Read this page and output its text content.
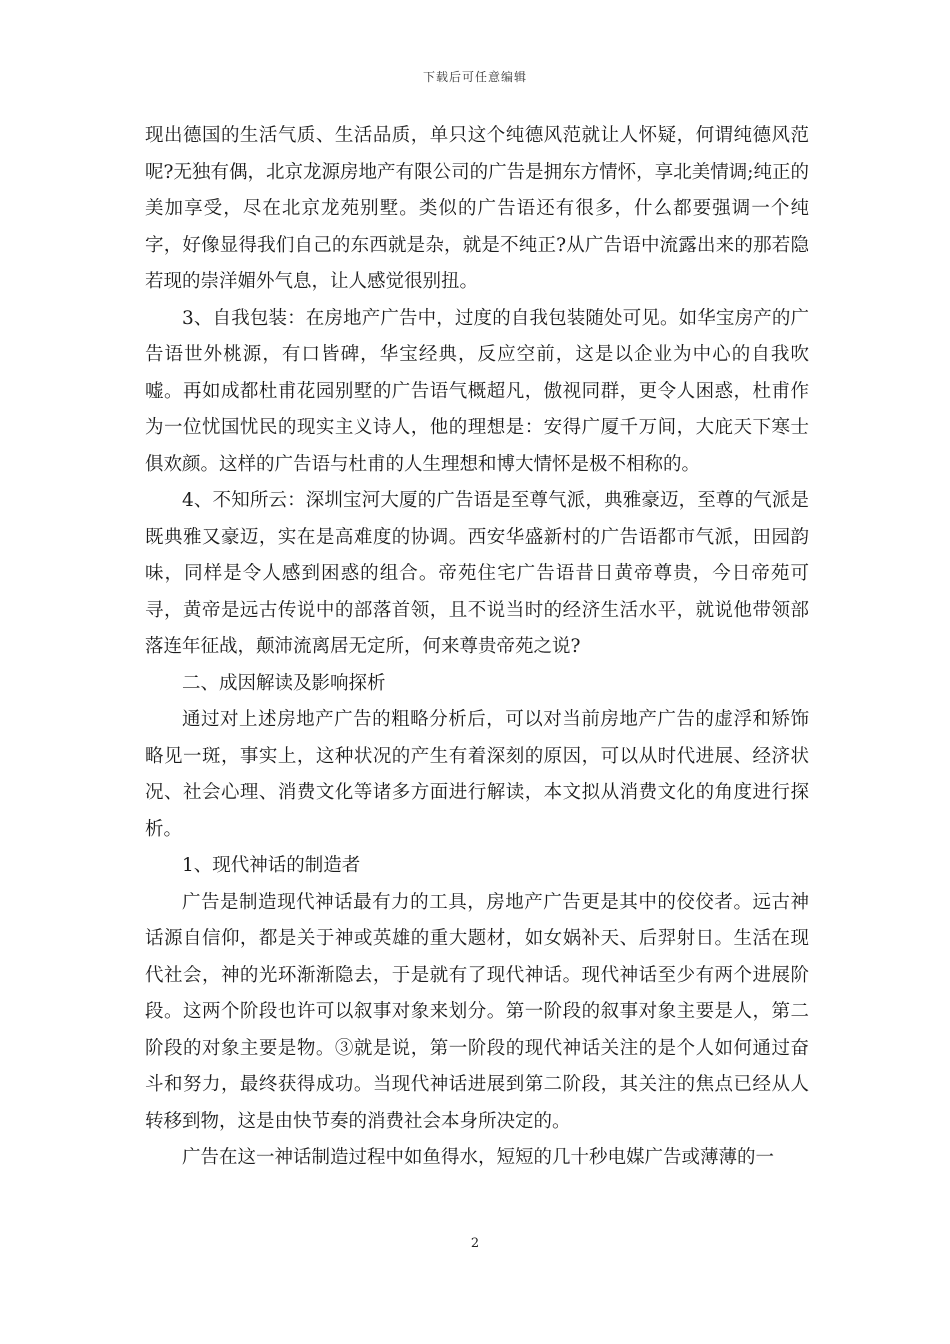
下载后可任意编辑

现出德国的生活气质、生活品质，单只这个纯德风范就让人怀疑，何谓纯德风范呢?无独有偶，北京龙源房地产有限公司的广告是拥东方情怀，享北美情调;纯正的美加享受，尽在北京龙苑别墅。类似的广告语还有很多，什么都要强调一个纯字，好像显得我们自己的东西就是杂，就是不纯正?从广告语中流露出来的那若隐若现的崇洋媚外气息，让人感觉很别扭。

3、自我包装：在房地产广告中，过度的自我包装随处可见。如华宝房产的广告语世外桃源，有口皆碑，华宝经典，反应空前，这是以企业为中心的自我吹嘘。再如成都杜甫花园别墅的广告语气概超凡，傲视同群，更令人困惑，杜甫作为一位忧国忧民的现实主义诗人，他的理想是：安得广厦千万间，大庇天下寒士俱欢颜。这样的广告语与杜甫的人生理想和博大情怀是极不相称的。

4、不知所云：深圳宝河大厦的广告语是至尊气派，典雅豪迈，至尊的气派是既典雅又豪迈，实在是高难度的协调。西安华盛新村的广告语都市气派，田园韵味，同样是令人感到困惑的组合。帝苑住宅广告语昔日黄帝尊贵，今日帝苑可寻，黄帝是远古传说中的部落首领，且不说当时的经济生活水平，就说他带领部落连年征战，颠沛流离居无定所，何来尊贵帝苑之说?

二、成因解读及影响探析

通过对上述房地产广告的粗略分析后，可以对当前房地产广告的虚浮和矫饰略见一斑，事实上，这种状况的产生有着深刻的原因，可以从时代进展、经济状况、社会心理、消费文化等诸多方面进行解读，本文拟从消费文化的角度进行探析。

1、现代神话的制造者

广告是制造现代神话最有力的工具，房地产广告更是其中的佼佼者。远古神话源自信仰，都是关于神或英雄的重大题材，如女娲补天、后羿射日。生活在现代社会，神的光环渐渐隐去，于是就有了现代神话。现代神话至少有两个进展阶段。这两个阶段也许可以叙事对象来划分。第一阶段的叙事对象主要是人，第二阶段的对象主要是物。③就是说，第一阶段的现代神话关注的是个人如何通过奋斗和努力，最终获得成功。当现代神话进展到第二阶段，其关注的焦点已经从人转移到物，这是由快节奏的消费社会本身所决定的。

广告在这一神话制造过程中如鱼得水，短短的几十秒电媒广告或薄薄的一

2
